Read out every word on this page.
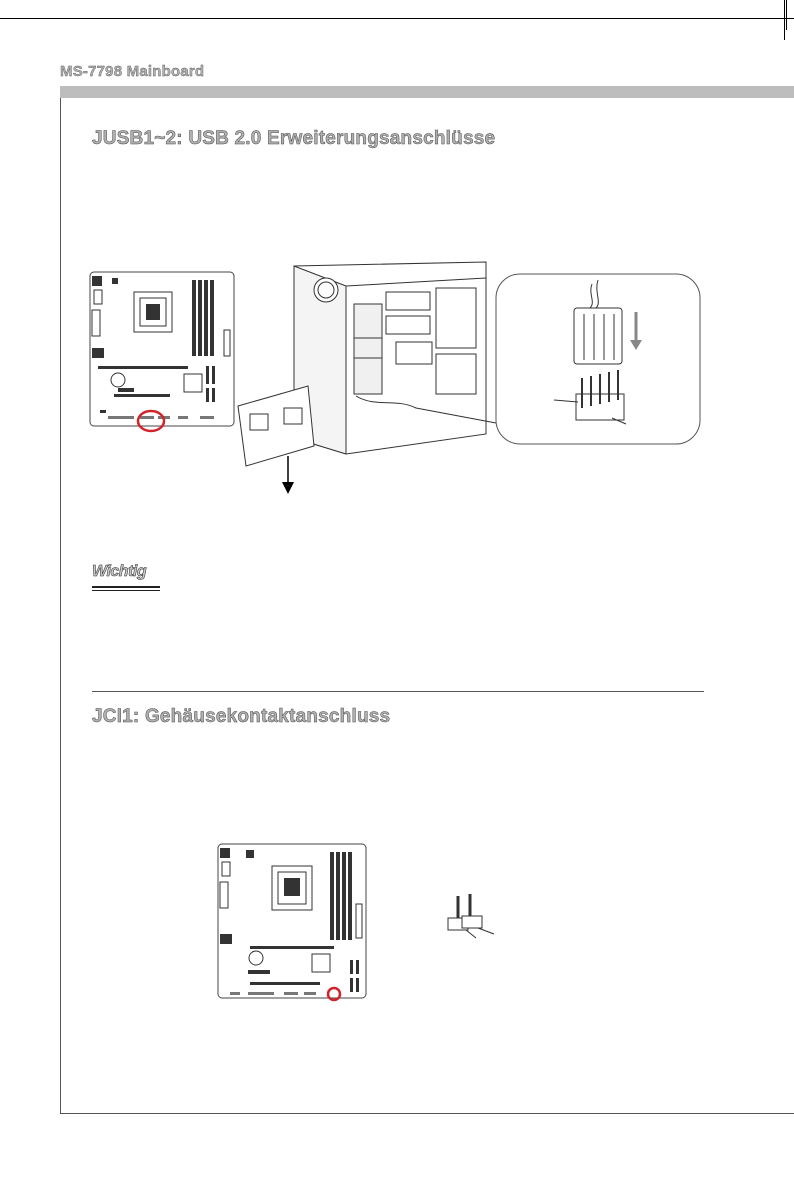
MS-7798 Mainboard
JUSB1~2: USB 2.0 Erweiterungsanschlüsse
Wichtig
JCI1: Gehäusekontaktanschluss
